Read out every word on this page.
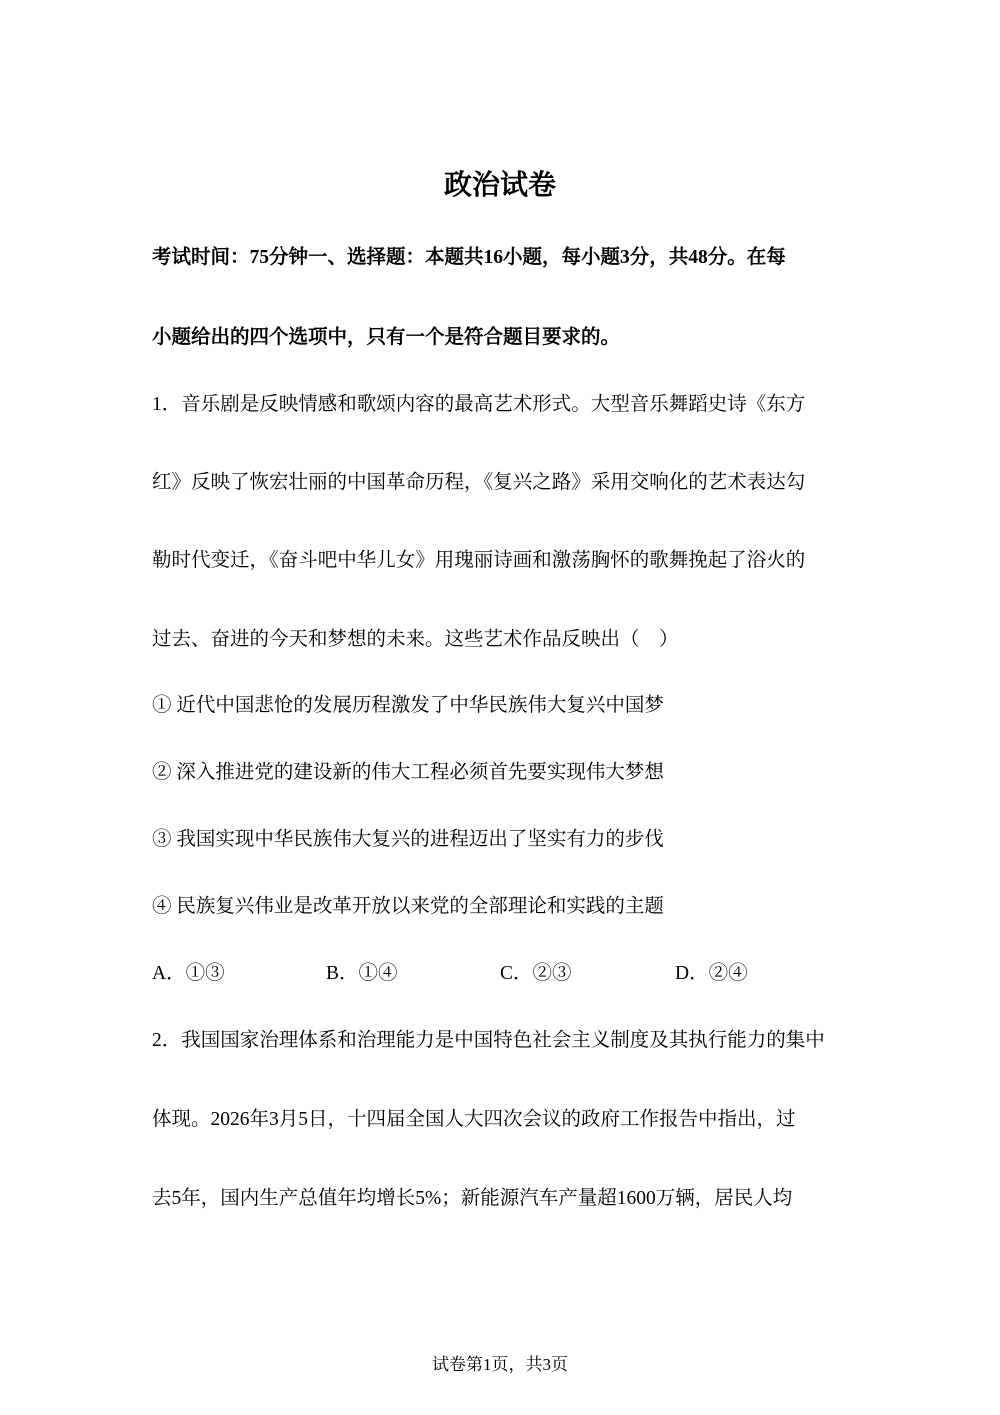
政治试卷
考试时间：75分钟一、选择题：本题共16小题，每小题3分，共48分。在每
小题给出的四个选项中，只有一个是符合题目要求的。
1．音乐剧是反映情感和歌颂内容的最高艺术形式。大型音乐舞蹈史诗《东方
红》反映了恢宏壮丽的中国革命历程，《复兴之路》采用交响化的艺术表达勾
勒时代变迁，《奋斗吧中华儿女》用瑰丽诗画和激荡胸怀的歌舞挽起了浴火的
过去、奋进的今天和梦想的未来。这些艺术作品反映出（　）
① 近代中国悲怆的发展历程激发了中华民族伟大复兴中国梦
② 深入推进党的建设新的伟大工程必须首先要实现伟大梦想
③ 我国实现中华民族伟大复兴的进程迈出了坚实有力的步伐
④ 民族复兴伟业是改革开放以来党的全部理论和实践的主题
A．①③	B．①④	C．②③	D．②④
2．我国国家治理体系和治理能力是中国特色社会主义制度及其执行能力的集中
体现。2026年3月5日，十四届全国人大四次会议的政府工作报告中指出，过
去5年，国内生产总值年均增长5%；新能源汽车产量超1600万辆，居民人均
试卷第1页，共3页
